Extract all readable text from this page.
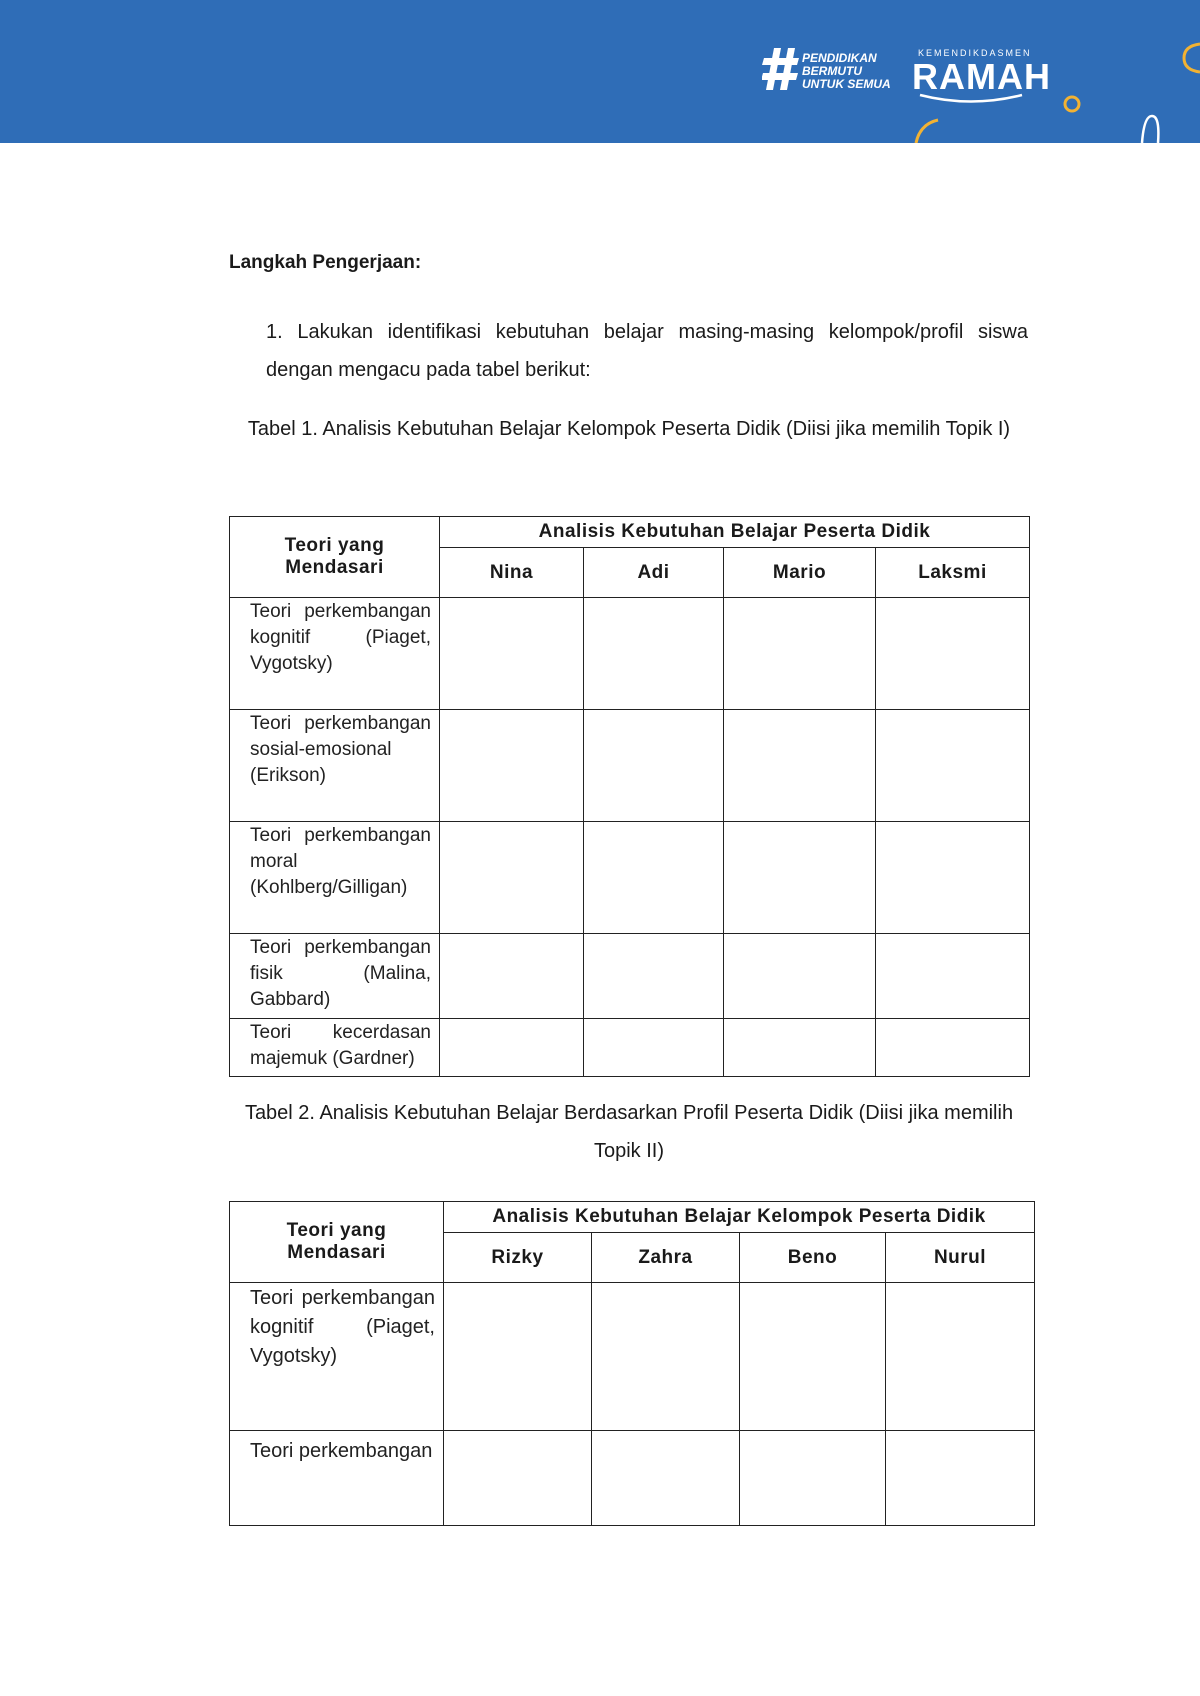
PENDIDIKAN
BERMUTU
UNTUK SEMUA
KEMENDIKDASMEN
RAMAH
Langkah Pengerjaan:

1. Lakukan identifikasi kebutuhan belajar masing-masing kelompok/profil siswa dengan mengacu pada tabel berikut:

Tabel 1. Analisis Kebutuhan Belajar Kelompok Peserta Didik (Diisi jika memilih Topik I)

Teori yang Mendasari	Analisis Kebutuhan Belajar Peserta Didik			
	Nina	Adi	Mario	Laksmi
Teori perkembangan kognitif (Piaget, Vygotsky)				
Teori perkembangan sosial-emosional (Erikson)				
Teori perkembangan moral (Kohlberg/Gilligan)				
Teori perkembangan fisik (Malina, Gabbard)				
Teori kecerdasan majemuk (Gardner)				

Tabel 2. Analisis Kebutuhan Belajar Berdasarkan Profil Peserta Didik (Diisi jika memilih Topik II)

Teori yang Mendasari	Analisis Kebutuhan Belajar Kelompok Peserta Didik			
	Rizky	Zahra	Beno	Nurul
Teori perkembangan kognitif (Piaget, Vygotsky)				
Teori perkembangan				
